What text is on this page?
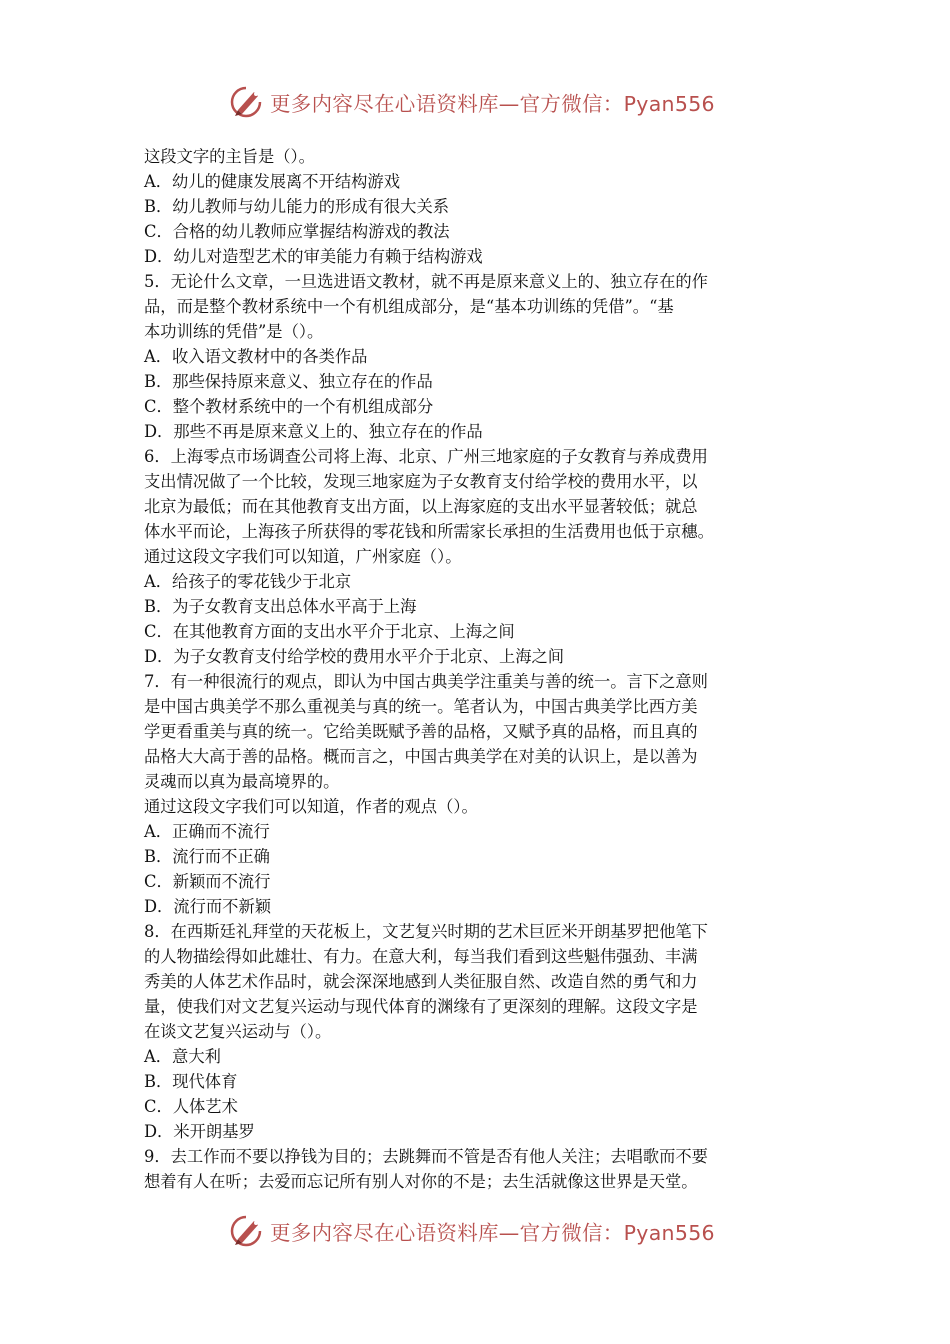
更多内容尽在心语资料库—官方微信：Pyan556
这段文字的主旨是（）。
A．幼儿的健康发展离不开结构游戏
B．幼儿教师与幼儿能力的形成有很大关系
C．合格的幼儿教师应掌握结构游戏的教法
D．幼儿对造型艺术的审美能力有赖于结构游戏
5．无论什么文章，一旦选进语文教材，就不再是原来意义上的、独立存在的作
品，而是整个教材系统中一个有机组成部分，是“基本功训练的凭借”。“基
本功训练的凭借”是（）。
A．收入语文教材中的各类作品
B．那些保持原来意义、独立存在的作品
C．整个教材系统中的一个有机组成部分
D．那些不再是原来意义上的、独立存在的作品
6．上海零点市场调查公司将上海、北京、广州三地家庭的子女教育与养成费用
支出情况做了一个比较，发现三地家庭为子女教育支付给学校的费用水平，以
北京为最低；而在其他教育支出方面，以上海家庭的支出水平显著较低；就总
体水平而论，上海孩子所获得的零花钱和所需家长承担的生活费用也低于京穗。
通过这段文字我们可以知道，广州家庭（）。
A．给孩子的零花钱少于北京
B．为子女教育支出总体水平高于上海
C．在其他教育方面的支出水平介于北京、上海之间
D．为子女教育支付给学校的费用水平介于北京、上海之间
7．有一种很流行的观点，即认为中国古典美学注重美与善的统一。言下之意则
是中国古典美学不那么重视美与真的统一。笔者认为，中国古典美学比西方美
学更看重美与真的统一。它给美既赋予善的品格，又赋予真的品格，而且真的
品格大大高于善的品格。概而言之，中国古典美学在对美的认识上，是以善为
灵魂而以真为最高境界的。
通过这段文字我们可以知道，作者的观点（）。
A．正确而不流行
B．流行而不正确
C．新颖而不流行
D．流行而不新颖
8．在西斯廷礼拜堂的天花板上，文艺复兴时期的艺术巨匠米开朗基罗把他笔下
的人物描绘得如此雄壮、有力。在意大利，每当我们看到这些魁伟强劲、丰满
秀美的人体艺术作品时，就会深深地感到人类征服自然、改造自然的勇气和力
量，使我们对文艺复兴运动与现代体育的渊缘有了更深刻的理解。这段文字是
在谈文艺复兴运动与（）。
A．意大利
B．现代体育
C．人体艺术
D．米开朗基罗
9．去工作而不要以挣钱为目的；去跳舞而不管是否有他人关注；去唱歌而不要
想着有人在听；去爱而忘记所有别人对你的不是；去生活就像这世界是天堂。
更多内容尽在心语资料库—官方微信：Pyan556
